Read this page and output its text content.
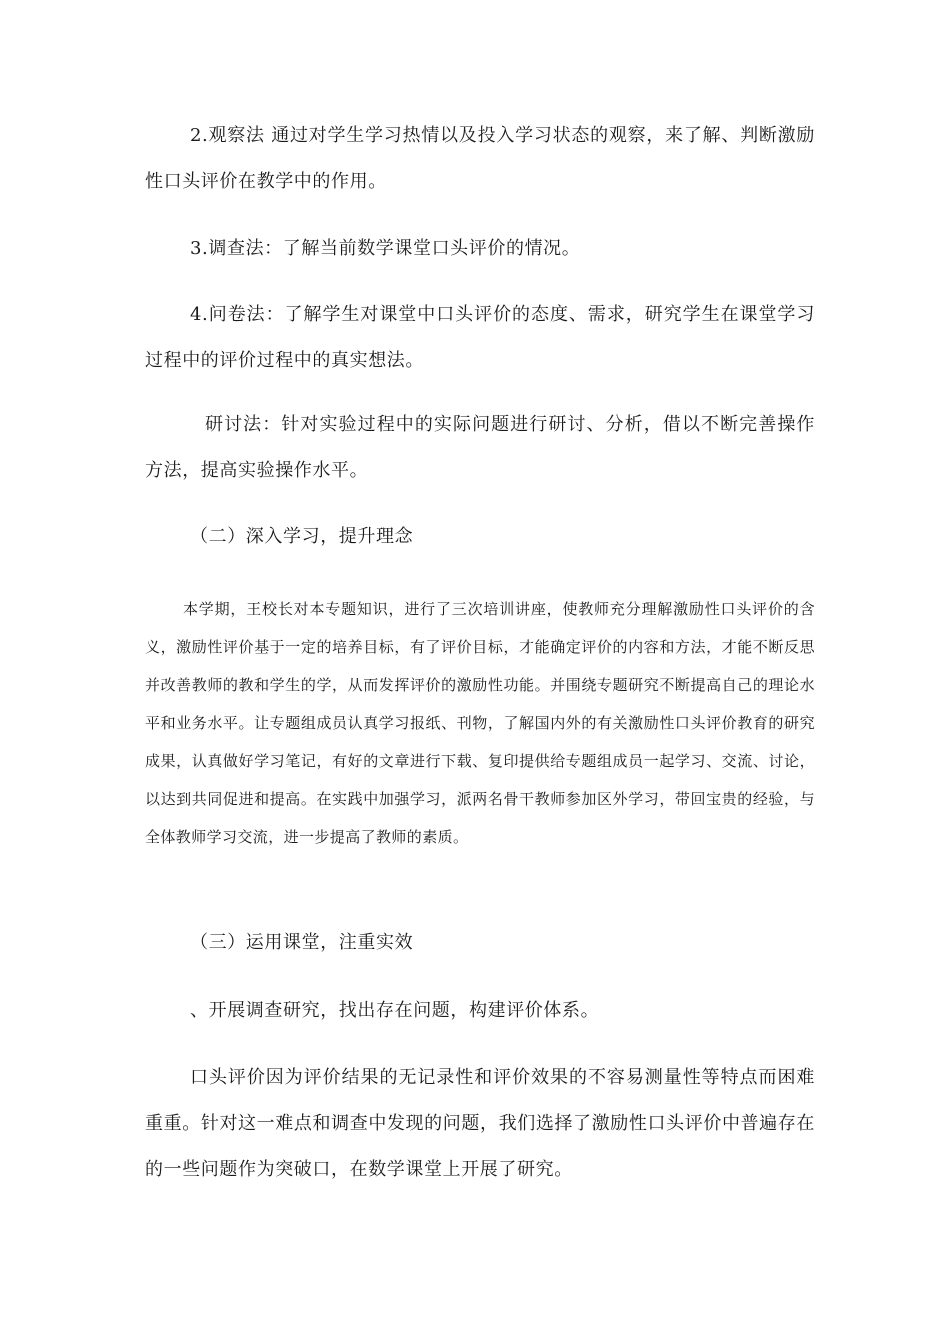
2.观察法 通过对学生学习热情以及投入学习状态的观察，来了解、判断激励性口头评价在教学中的作用。

3.调查法：了解当前数学课堂口头评价的情况。

4.问卷法：了解学生对课堂中口头评价的态度、需求，研究学生在课堂学习过程中的评价过程中的真实想法。

研讨法：针对实验过程中的实际问题进行研讨、分析，借以不断完善操作方法，提高实验操作水平。

（二）深入学习，提升理念

本学期，王校长对本专题知识，进行了三次培训讲座，使教师充分理解激励性口头评价的含义，激励性评价基于一定的培养目标，有了评价目标，才能确定评价的内容和方法，才能不断反思并改善教师的教和学生的学，从而发挥评价的激励性功能。并围绕专题研究不断提高自己的理论水平和业务水平。让专题组成员认真学习报纸、刊物，了解国内外的有关激励性口头评价教育的研究成果，认真做好学习笔记，有好的文章进行下载、复印提供给专题组成员一起学习、交流、讨论，以达到共同促进和提高。在实践中加强学习，派两名骨干教师参加区外学习，带回宝贵的经验，与全体教师学习交流，进一步提高了教师的素质。

（三）运用课堂，注重实效

、开展调查研究，找出存在问题，构建评价体系。

口头评价因为评价结果的无记录性和评价效果的不容易测量性等特点而困难重重。针对这一难点和调查中发现的问题，我们选择了激励性口头评价中普遍存在的一些问题作为突破口，在数学课堂上开展了研究。
